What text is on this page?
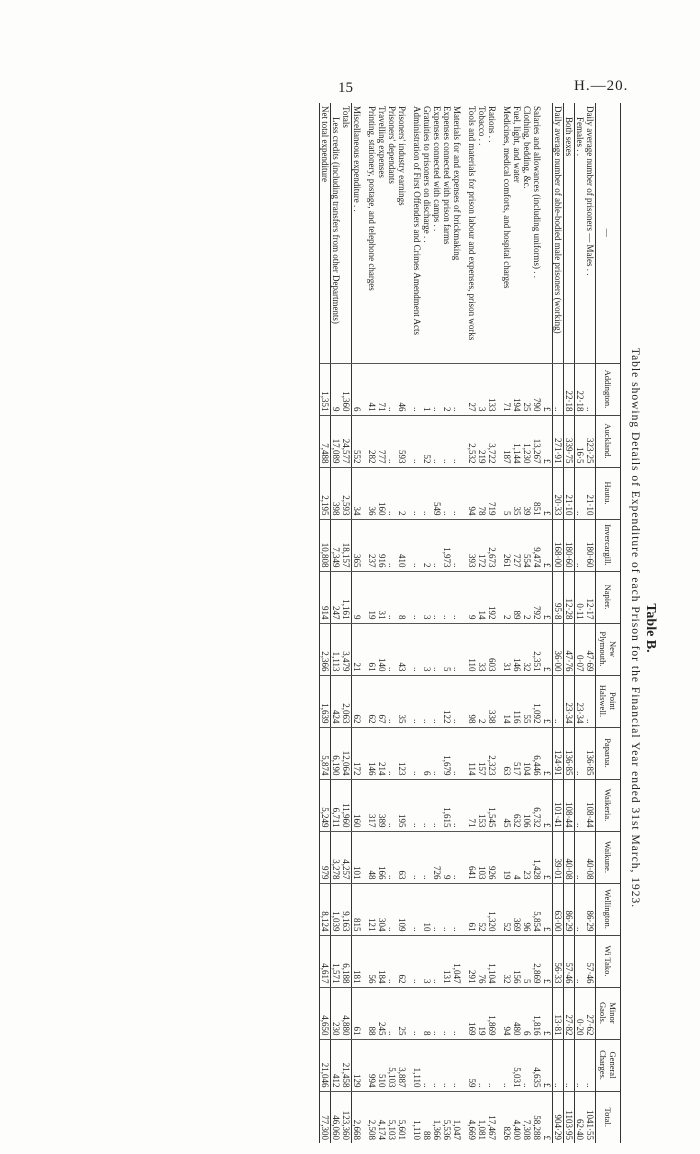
15	H.—20.
Table B.
Table showing Details of Expenditure of each Prison for the Financial Year ended 31st March, 1923.
—	Addington.	Auckland.	Hautu.	Invercargill.	Napier.	New Plymouth.	Point Halswell.	Paparua.	Waikeria.	Waikune.	Wellington.	Wi Tako.	Minor Gaols.	General Charges.	Total.
Daily average number of prisoners — Males . .	..	323·25	21·10	180·60	12·17	47·69	..	136·85	108·44	40·08	86·29	57·46	27·62	..	1041·55
Females . .	22·18	16·5	..	..	0·11	0·07	23·34	..	..	..	..	..	0·20	..	62·40
Both sexes	22·18	339·75	21·10	180·60	12·28	47·76	23·34	136·85	108·44	40·08	86·29	57·46	27·82	..	1103·95
Daily average number of able-bodied male prisoners (working)	..	271·91	20·33	168·00	95·8	36·00	..	124·91	101·41	39·01	63·00	56·33	13·81	..	904·29
	£	£	£	£	£	£	£	£	£	£	£	£	£	£	£
Salaries and allowances (including uniforms) . .	790	13,267	851	9,474	792	2,351	1,092	6,446	6,732	1,428	5,854	2,869	1,816	4,635	58,288
Clothing, bedding, &c.	25	1,230	39	554	2	32	55	104	106	23	96	5	6	..	7,308
Fuel, light, and water	194	1,144	35	727	89	146	116	517	632	4	369	156	480	5,031	4,400
Medicines, medical comforts, and hospital charges	71	187	5	261	2	31	14	63	45	19	52	32	94	..	826

Rations . .	133	3,722	719	2,673	192	603	338	2,323	1,545	926	1,320	1,104	1,869	..	17,467
Tobacco . .	3	219	78	172	14	33	2	157	153	103	52	76	19	..	1,081
Tools and materials for prison labour and expenses, prison works	27	2,532	94	393	9	110	98	114	71	641	61	291	169	59	4,669

Materials for and expenses of brickmaking	..	..	..	..	..	..	..	..	..	..	..	1,047	..	..	1,047
Expenses connected with prison farms	2	..	..	1,973	..	5	122	1,679	1,615	9	..	131	..	..	5,536
Expenses connected with camps . .	..	..	549	..	..	..	..	..	..	726	..	..	..	..	1,366
Gratuities to prisoners on discharge . .	1	52	..	2	3	3	..	6	..	..	10	3	8	..	88
Administration of First Offenders and Crimes Amendment Acts	..	..	..	..	..	..	..	..	..	..	..	..	..	1,110	1,110

Prisoners' industry earnings	46	593	2	410	8	43	35	123	195	63	109	62	25	3,887	5,601
Prisoners' dependants	..	..	..	..	..	..	..	..	..	..	..	..	..	5,103	5,103
Travelling expenses	71	777	160	916	31	140	67	214	389	166	304	184	245	510	4,174
Printing, stationery, postage, and telephone charges	41	282	36	237	19	61	62	146	317	48	121	56	88	994	2,508

Miscellaneous expenditure . .	6	552	34	365	9	21	62	172	160	101	815	181	61	129	2,668
Totals	1,360	24,577	2,593	18,157	1,161	3,479	2,063	12,064	11,960	4,257	9,163	6,188	4,880	21,458	123,360
Less credits (including transfers from other Departments)	9	17,089	398	7,349	247	1,113	424	6,190	6,711	3,278	1,039	1,571	230	412	46,060
Net total expenditure	1,351	7,488	2,195	10,808	914	2,366	1,639	5,874	5,249	979	8,124	4,617	4,650	21,046	77,300
